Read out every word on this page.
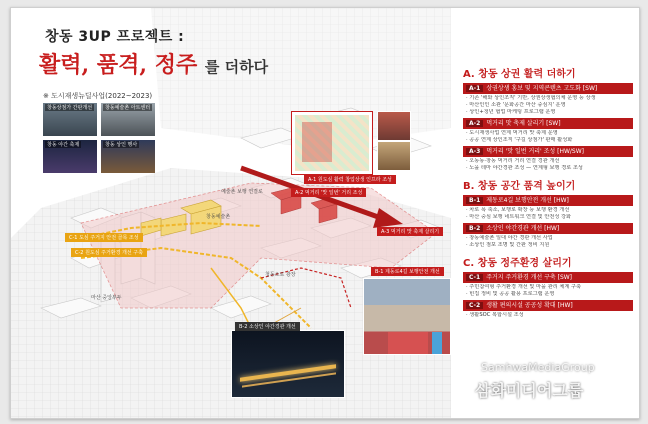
창동 3UP 프로젝트 :
활력, 품격, 정주 를 더하다
※ 도시재생뉴딜사업(2022~2023)
창동상점가 간판개선	창동예술촌 아트센터
창동 야간 축제	창동 상인 행사
A-1 원도심 활력 창업상생 인프라 조성
A-2 먹거리 '맛 일번' 거리 조성
A-3 먹거리 맛 축제 살리기
B-1 제동로4길 보행안전 개선
B-2 소상인 야간경관 개선
C-1 도심 주거지 안전 골목 조성
C-2 원도심 주거환경 개선 구축
창동예술촌
마산 중앙부두
청동소로 광장
예술촌 보행 연결로
A. 창동 상권 활력 더하기
A-1 상권상생 홍보 및 지역콘텐츠 고도화 [SW]
· 기존 '해와 상인조직' 기반, 상권상생협의체 운영 등 상생
· 마산인인 소관 '문화공간 마산 중심지' 운영
· 상인+청년 협업 마케팅 프로그램 운영
A-2 먹거리 맛 축제 살리기 [SW]
· 도시재생사업 연계 먹거리 맛 축제 운영
· 공공 연계 상인조직 '구길 상점가' 판매 활성화
A-3 먹거리 '맛 일번 거리' 조성 [HW/SW]
· 오동동·창동 먹거리 거리 연결 경관 개선
· 노을 테마 야간경관 조성 — 연계형 보행 경로 조성
B. 창동 공간 품격 높이기
B-1 제동로4길 보행안전 개선 [HW]
· 차로 폭 축소, 보행로 확장 등 보행 환경 개선
· 마산 중심 보행 네트워크 연결 및 안전성 강화
B-2 소상인 야간경관 개선 [HW]
· 창동예술촌 일대 야간 경관 개선 사업
· 소상인 점포 조명 및 간판 정비 지원
C. 창동 정주환경 살리기
C-1 주거지 주거환경 개선 구축 [SW]
· 주민참여형 주거환경 개선 및 마을 관리 체계 구축
· 빈집 정비 및 공공 활용 프로그램 운영
C-2 생활 편의시설 공공성 확대 [HW]
· 생활SOC 복합시설 조성
SamhwaMediaGroup
삼화미디어그룹
